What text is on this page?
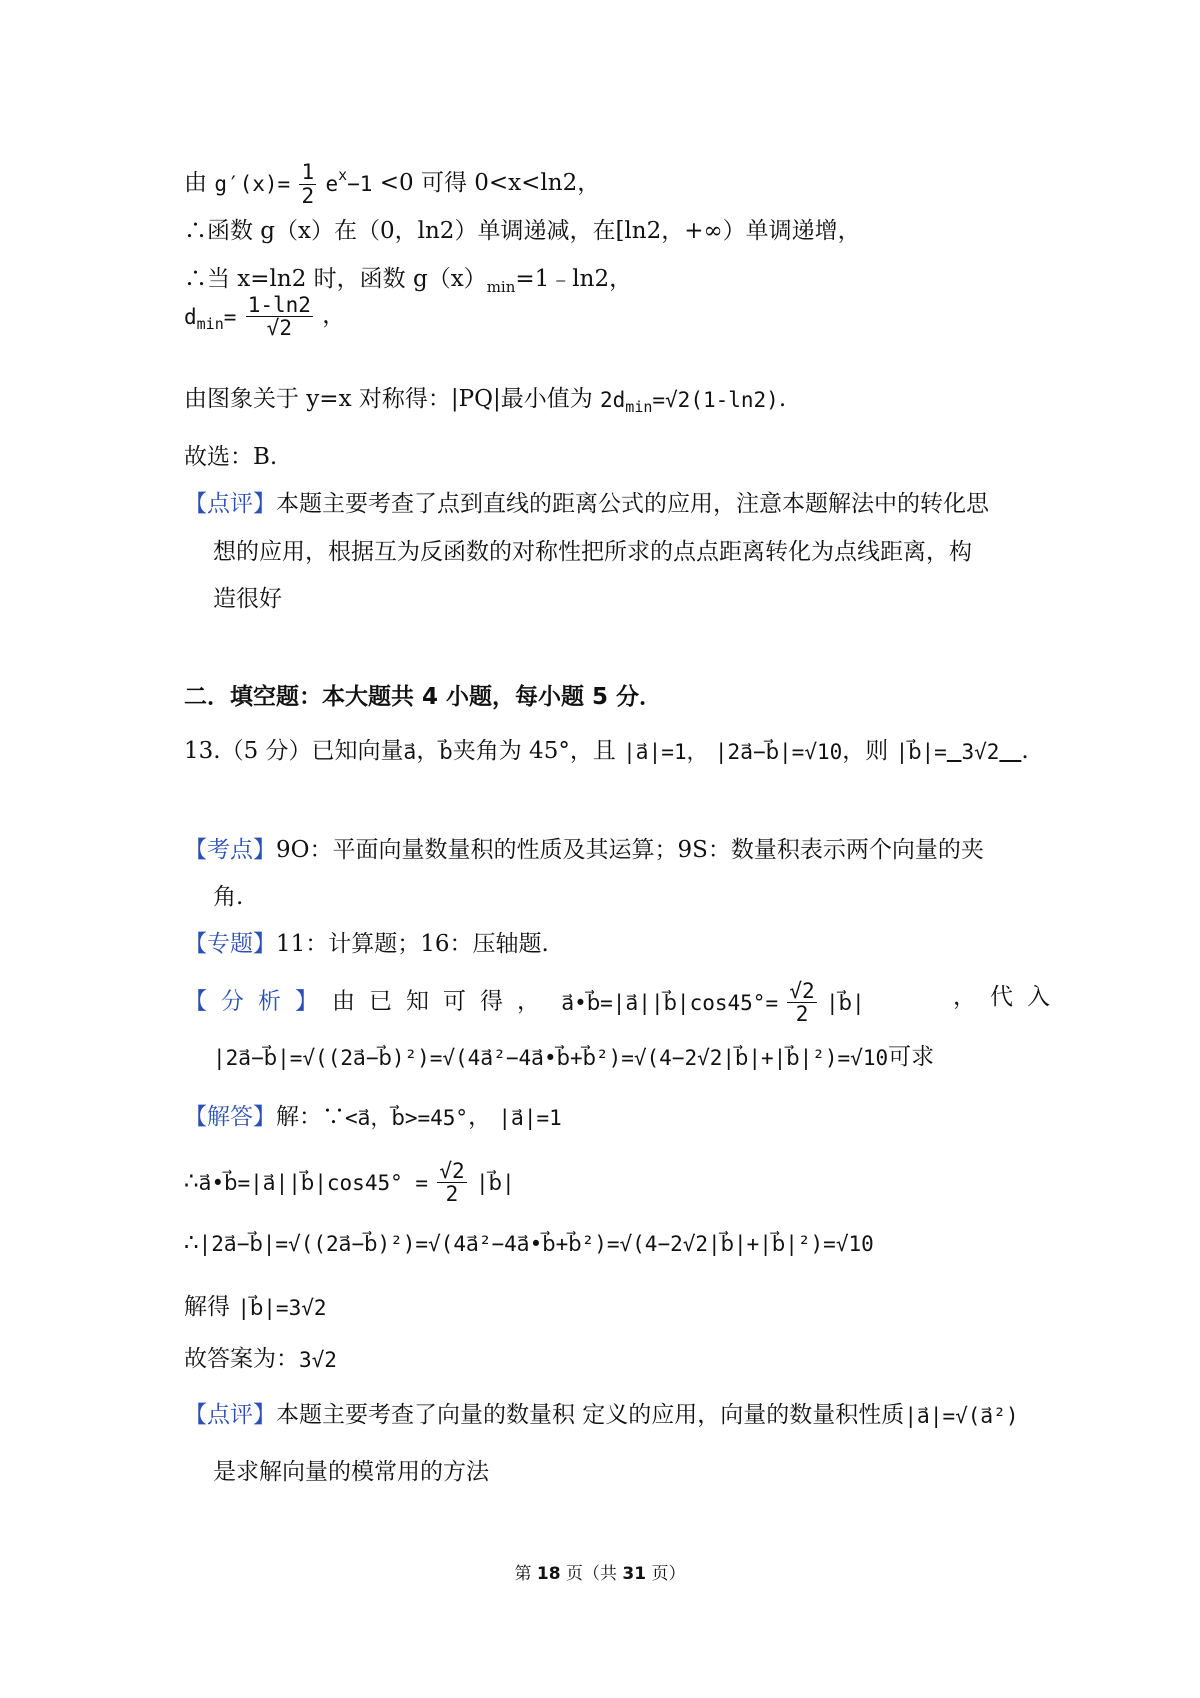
由 $g'(x)= \frac{1}{2} ex-1 <0$ 可得 0<x<ln2，
∴函数 g（x）在（0，ln2）单调递减，在[ln2，+∞）单调递增，
∴当 x=ln2 时，函数 $g(x)_{min}=1﹣\ln 2$，
$dmin= \frac{1-\ln 2}{√2}$ ，
由图象关于 y=x 对称得：|PQ|最小值为 2dmin=√2(1-ln2).
故选：B.
【点评】本题主要考查了点到直线的距离公式的应用，注意本题解法中的转化思
想的应用，根据互为反函数的对称性把所求的点点距离转化为点线距离，构
造很好
二．填空题：本大题共 4 小题，每小题 5 分．
13.（5 分）已知向量a⃗，b⃗夹角为 45°，且 |a⃗|=1， |2a⃗−b⃗|=√10，则 |b⃗|= 3√2 .
【考点】9O：平面向量数量积的性质及其运算；9S：数量积表示两个向量的夹
角.
【专题】11：计算题；16：压轴题.
【分析】由已知可得， a⃗•b⃗=|a⃗||b⃗|cos45°= $\frac{√2}{2}$ |b⃗|	，代入
|2a⃗−b⃗|=√((2a⃗−b⃗)²)=√(4a⃗²−4a⃗•b⃗+b⃗²)=√(4−2√2|b⃗|+|b⃗|²)=√10可求
【解答】解：∵<a⃗，b⃗>=45°， |a⃗|=1
∴a⃗•b⃗=|a⃗||b⃗|cos45° = $\frac{√2}{2}$ |b⃗|
∴|2a⃗−b⃗|=√((2a⃗−b⃗)²)=√(4a⃗²−4a⃗•b⃗+b⃗²)=√(4−2√2|b⃗|+|b⃗|²)=√10
解得 |b⃗|=3√2
故答案为：3√2
【点评】本题主要考查了向量的数量积 定义的应用，向量的数量积性质|a⃗|=√(a⃗²)
是求解向量的模常用的方法
第 18 页（共 31 页）
